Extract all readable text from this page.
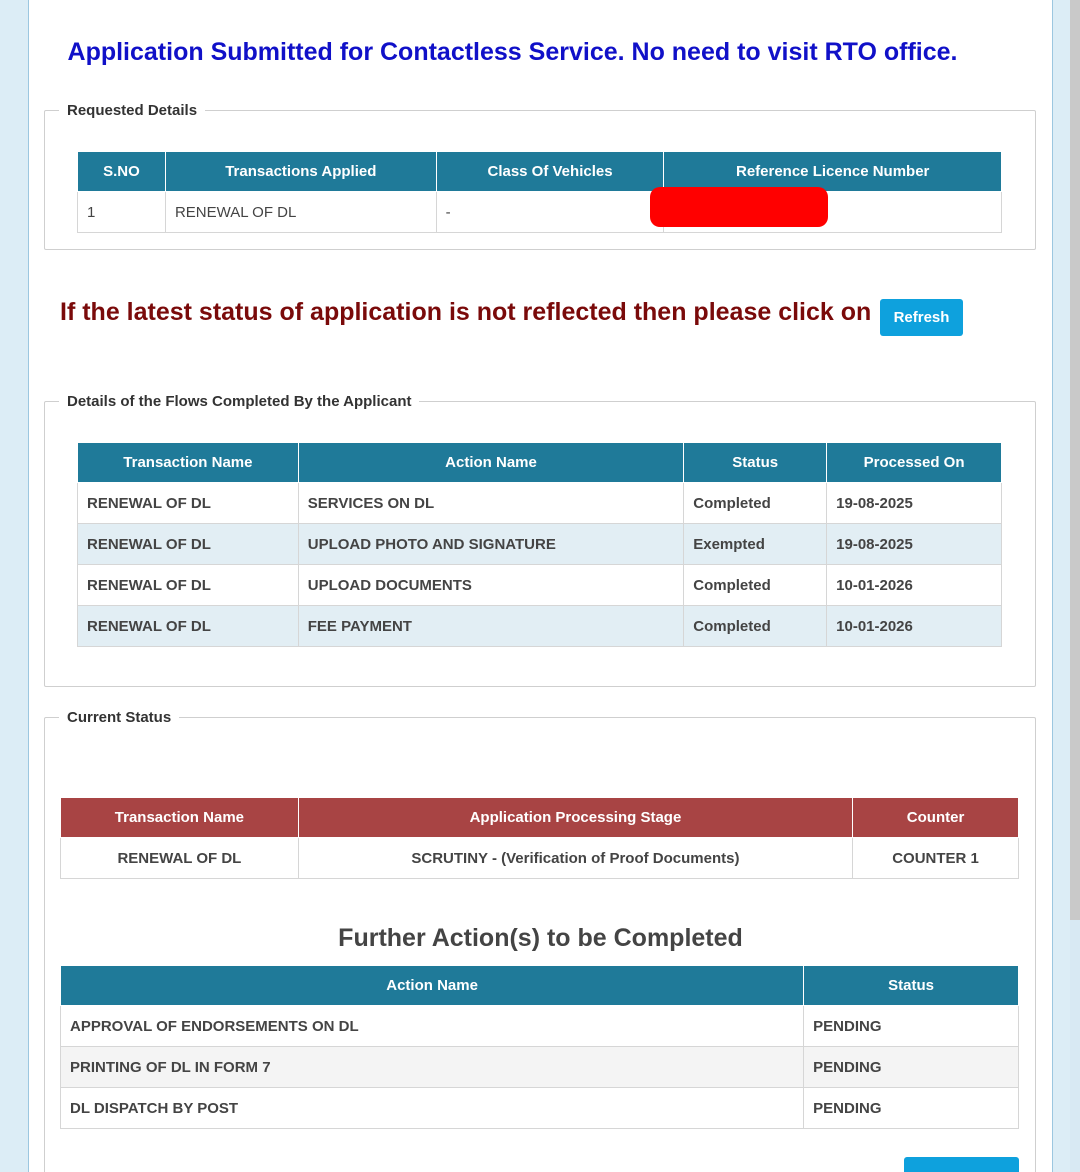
Application Submitted for Contactless Service. No need to visit RTO office.
Requested Details
S.NO	Transactions Applied	Class Of Vehicles	Reference Licence Number
1	RENEWAL OF DL	-	
If the latest status of application is not reflected then please click on	Refresh
Details of the Flows Completed By the Applicant
Transaction Name	Action Name	Status	Processed On
RENEWAL OF DL	SERVICES ON DL	Completed	19-08-2025
RENEWAL OF DL	UPLOAD PHOTO AND SIGNATURE	Exempted	19-08-2025
RENEWAL OF DL	UPLOAD DOCUMENTS	Completed	10-01-2026
RENEWAL OF DL	FEE PAYMENT	Completed	10-01-2026
Current Status
Transaction Name	Application Processing Stage	Counter
RENEWAL OF DL	SCRUTINY - (Verification of Proof Documents)	COUNTER 1
Further Action(s) to be Completed
Action Name	Status
APPROVAL OF ENDORSEMENTS ON DL	PENDING
PRINTING OF DL IN FORM 7	PENDING
DL DISPATCH BY POST	PENDING
